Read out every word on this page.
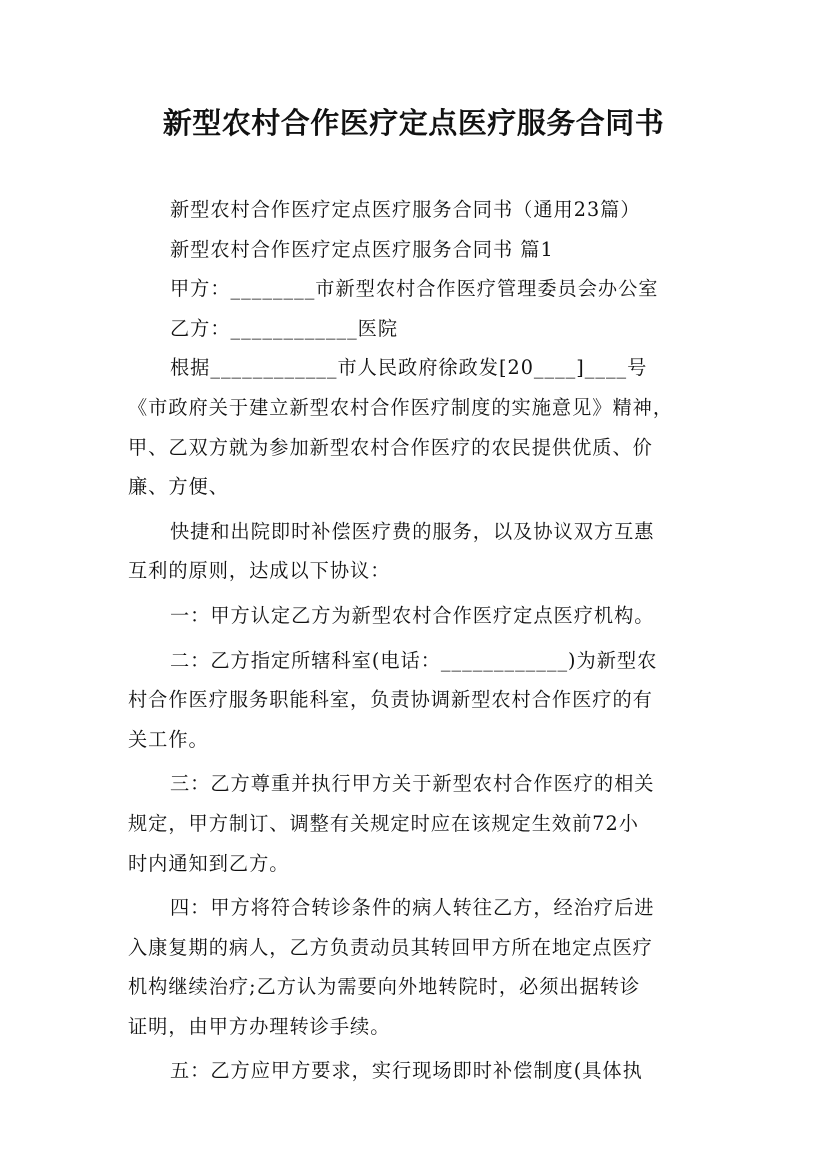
新型农村合作医疗定点医疗服务合同书
新型农村合作医疗定点医疗服务合同书（通用23篇）
新型农村合作医疗定点医疗服务合同书 篇1
甲方：________市新型农村合作医疗管理委员会办公室
乙方：____________医院
根据____________市人民政府徐政发[20____]____号
《市政府关于建立新型农村合作医疗制度的实施意见》精神，
甲、乙双方就为参加新型农村合作医疗的农民提供优质、价
廉、方便、
快捷和出院即时补偿医疗费的服务，以及协议双方互惠
互利的原则，达成以下协议：
一：甲方认定乙方为新型农村合作医疗定点医疗机构。
二：乙方指定所辖科室(电话：____________)为新型农
村合作医疗服务职能科室，负责协调新型农村合作医疗的有
关工作。
三：乙方尊重并执行甲方关于新型农村合作医疗的相关
规定，甲方制订、调整有关规定时应在该规定生效前72小
时内通知到乙方。
四：甲方将符合转诊条件的病人转往乙方，经治疗后进
入康复期的病人，乙方负责动员其转回甲方所在地定点医疗
机构继续治疗;乙方认为需要向外地转院时，必须出据转诊
证明，由甲方办理转诊手续。
五：乙方应甲方要求，实行现场即时补偿制度(具体执
